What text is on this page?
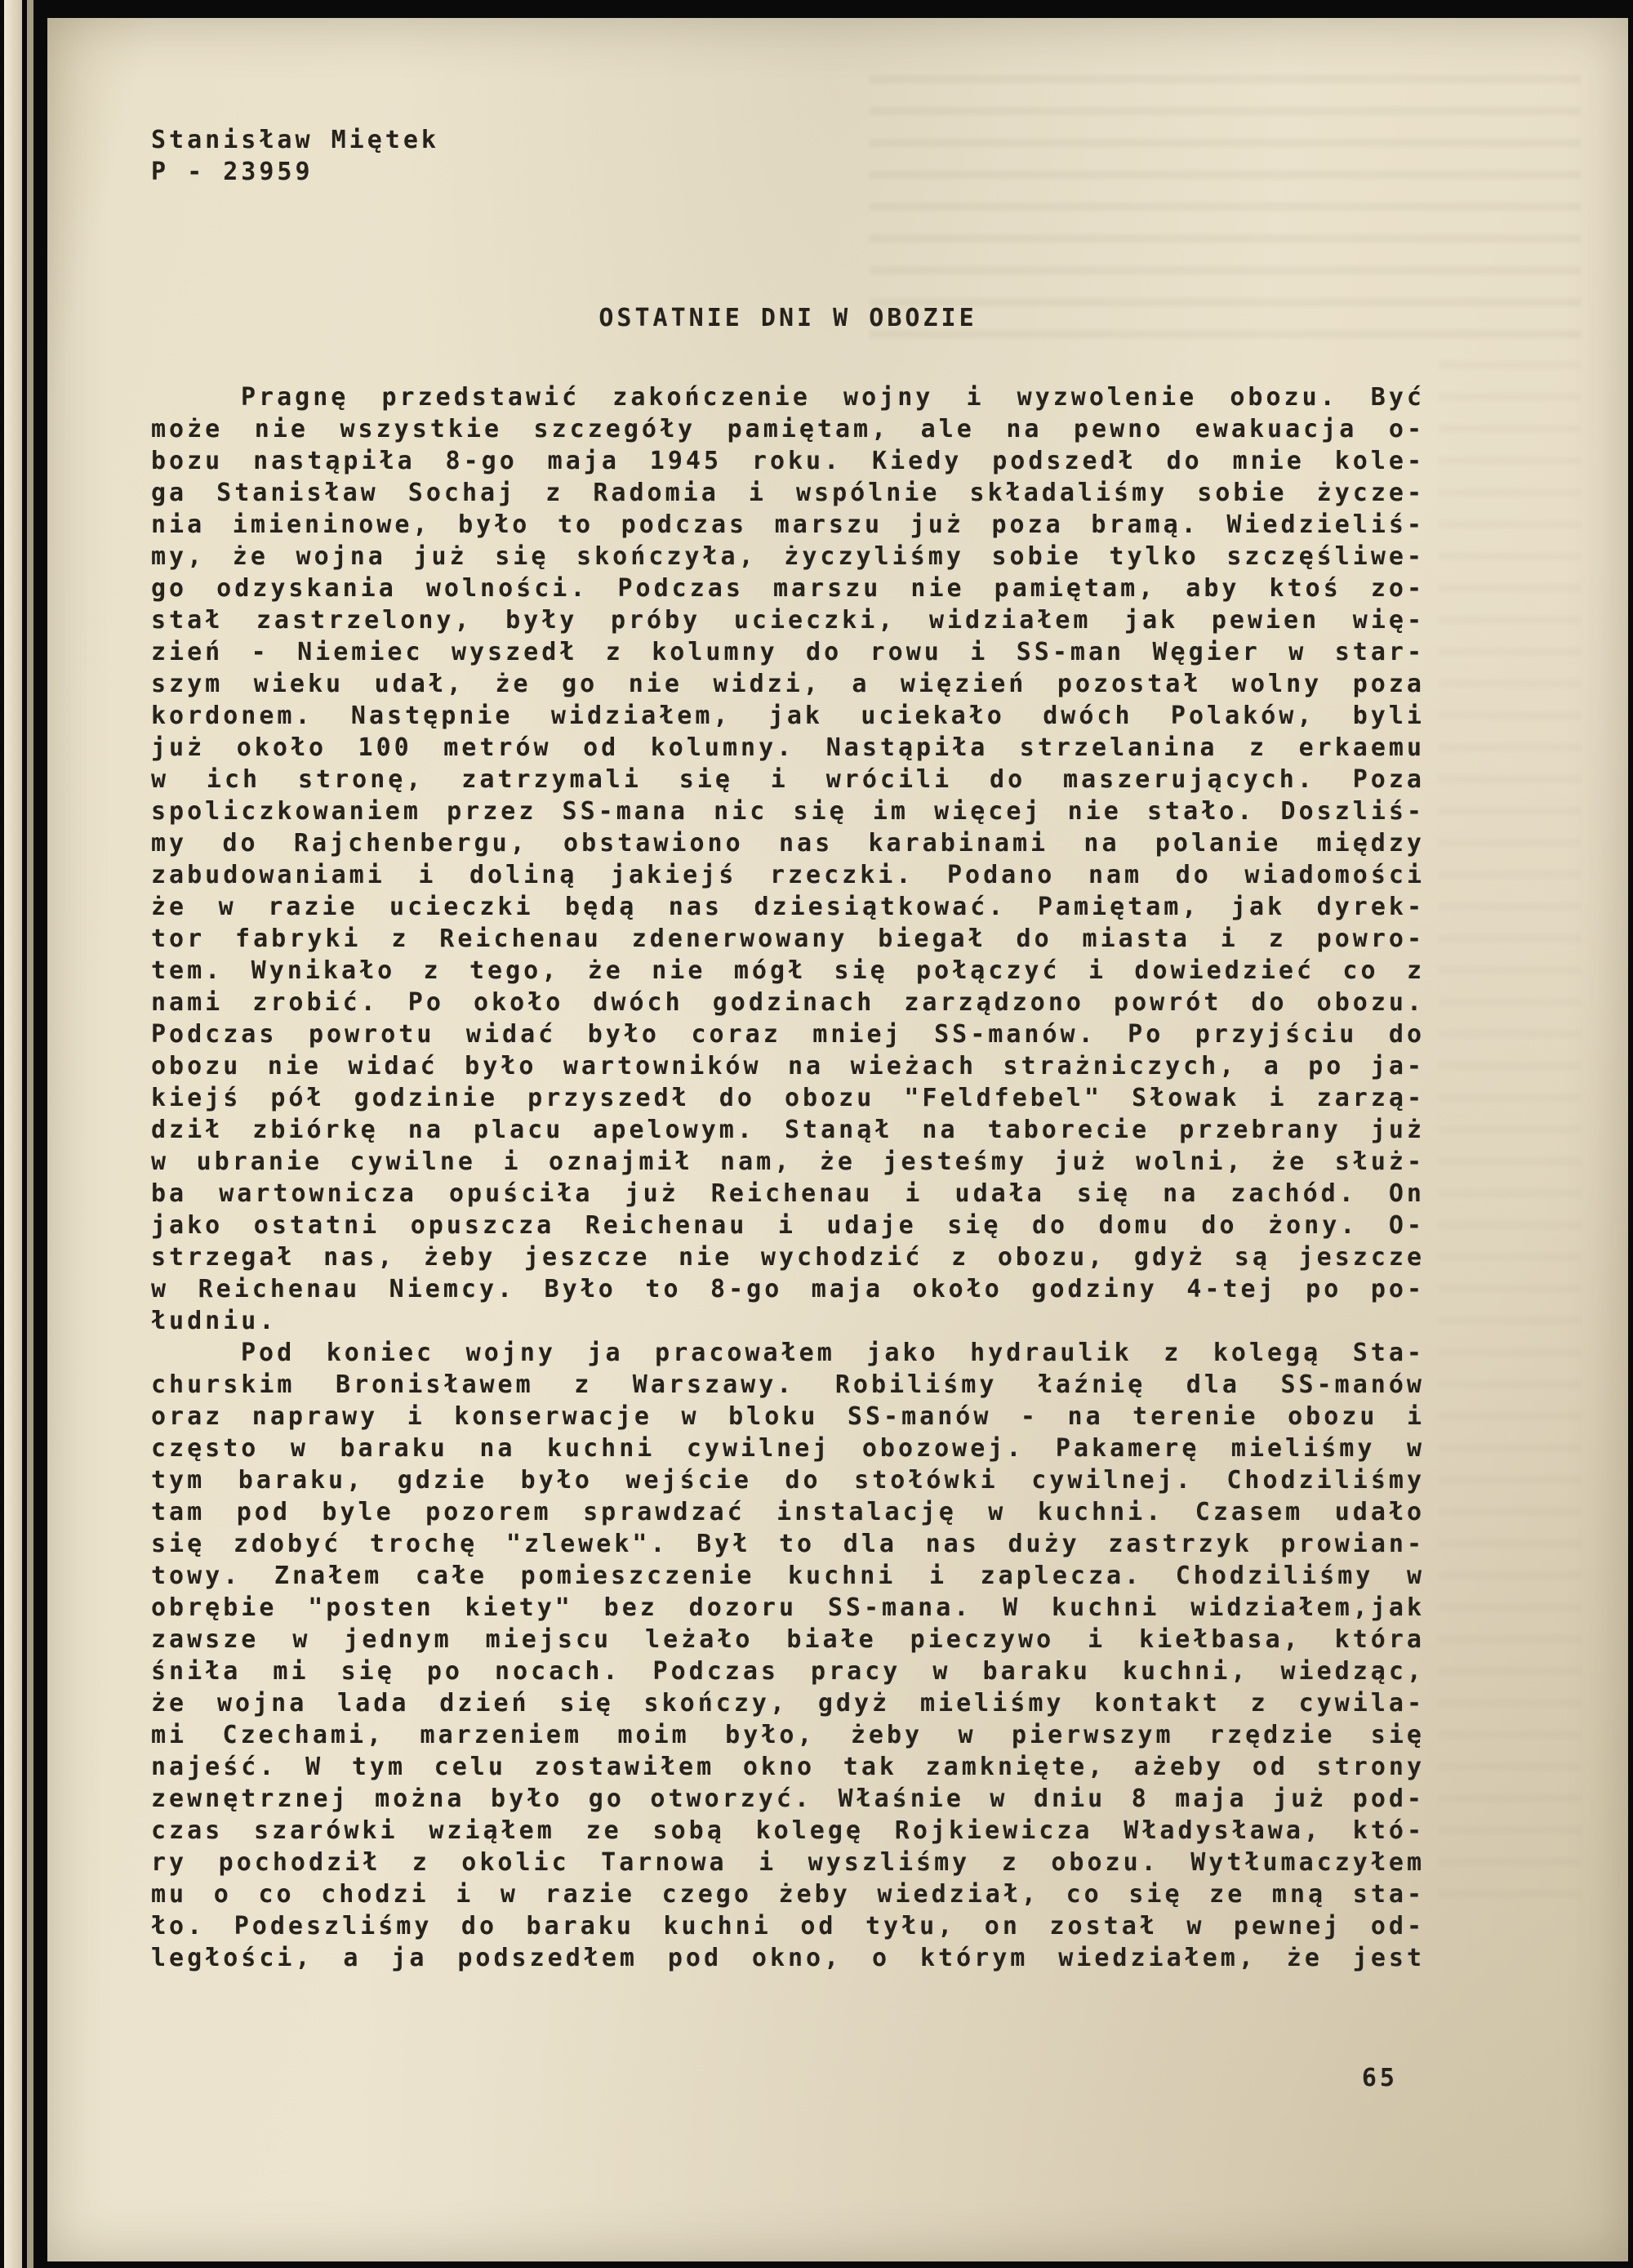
Stanisław Miętek
P - 23959
OSTATNIE DNI W OBOZIE
Pragnę przedstawić zakończenie wojny i wyzwolenie obozu. Być
może nie wszystkie szczegóły pamiętam, ale na pewno ewakuacja o-
bozu nastąpiła 8-go maja 1945 roku. Kiedy podszedł do mnie kole-
ga Stanisław Sochaj z Radomia i wspólnie składaliśmy sobie życze-
nia imieninowe, było to podczas marszu już poza bramą. Wiedzieliś-
my, że wojna już się skończyła, życzyliśmy sobie tylko szczęśliwe-
go odzyskania wolności. Podczas marszu nie pamiętam, aby ktoś zo-
stał zastrzelony, były próby ucieczki, widziałem jak pewien wię-
zień - Niemiec wyszedł z kolumny do rowu i SS-man Węgier w star-
szym wieku udał, że go nie widzi, a więzień pozostał wolny poza
kordonem. Następnie widziałem, jak uciekało dwóch Polaków, byli
już około 100 metrów od kolumny. Nastąpiła strzelanina z erkaemu
w ich stronę, zatrzymali się i wrócili do maszerujących. Poza
spoliczkowaniem przez SS-mana nic się im więcej nie stało. Doszliś-
my do Rajchenbergu, obstawiono nas karabinami na polanie między
zabudowaniami i doliną jakiejś rzeczki. Podano nam do wiadomości
że w razie ucieczki będą nas dziesiątkować. Pamiętam, jak dyrek-
tor fabryki z Reichenau zdenerwowany biegał do miasta i z powro-
tem. Wynikało z tego, że nie mógł się połączyć i dowiedzieć co z
nami zrobić. Po około dwóch godzinach zarządzono powrót do obozu.
Podczas powrotu widać było coraz mniej SS-manów. Po przyjściu do
obozu nie widać było wartowników na wieżach strażniczych, a po ja-
kiejś pół godzinie przyszedł do obozu "Feldfebel" Słowak i zarzą-
dził zbiórkę na placu apelowym. Stanął na taborecie przebrany już
w ubranie cywilne i oznajmił nam, że jesteśmy już wolni, że służ-
ba wartownicza opuściła już Reichenau i udała się na zachód. On
jako ostatni opuszcza Reichenau i udaje się do domu do żony. O-
strzegał nas, żeby jeszcze nie wychodzić z obozu, gdyż są jeszcze
w Reichenau Niemcy. Było to 8-go maja około godziny 4-tej po po-
łudniu.
Pod koniec wojny ja pracowałem jako hydraulik z kolegą Sta-
churskim Bronisławem z Warszawy. Robiliśmy łaźnię dla SS-manów
oraz naprawy i konserwacje w bloku SS-manów - na terenie obozu i
często w baraku na kuchni cywilnej obozowej. Pakamerę mieliśmy w
tym baraku, gdzie było wejście do stołówki cywilnej. Chodziliśmy
tam pod byle pozorem sprawdzać instalację w kuchni. Czasem udało
się zdobyć trochę "zlewek". Był to dla nas duży zastrzyk prowian-
towy. Znałem całe pomieszczenie kuchni i zaplecza. Chodziliśmy w
obrębie "posten kiety" bez dozoru SS-mana. W kuchni widziałem,jak
zawsze w jednym miejscu leżało białe pieczywo i kiełbasa, która
śniła mi się po nocach. Podczas pracy w baraku kuchni, wiedząc,
że wojna lada dzień się skończy, gdyż mieliśmy kontakt z cywila-
mi Czechami, marzeniem moim było, żeby w pierwszym rzędzie się
najeść. W tym celu zostawiłem okno tak zamknięte, ażeby od strony
zewnętrznej można było go otworzyć. Właśnie w dniu 8 maja już pod-
czas szarówki wziąłem ze sobą kolegę Rojkiewicza Władysława, któ-
ry pochodził z okolic Tarnowa i wyszliśmy z obozu. Wytłumaczyłem
mu o co chodzi i w razie czego żeby wiedział, co się ze mną sta-
ło. Podeszliśmy do baraku kuchni od tyłu, on został w pewnej od-
ległości, a ja podszedłem pod okno, o którym wiedziałem, że jest
65
